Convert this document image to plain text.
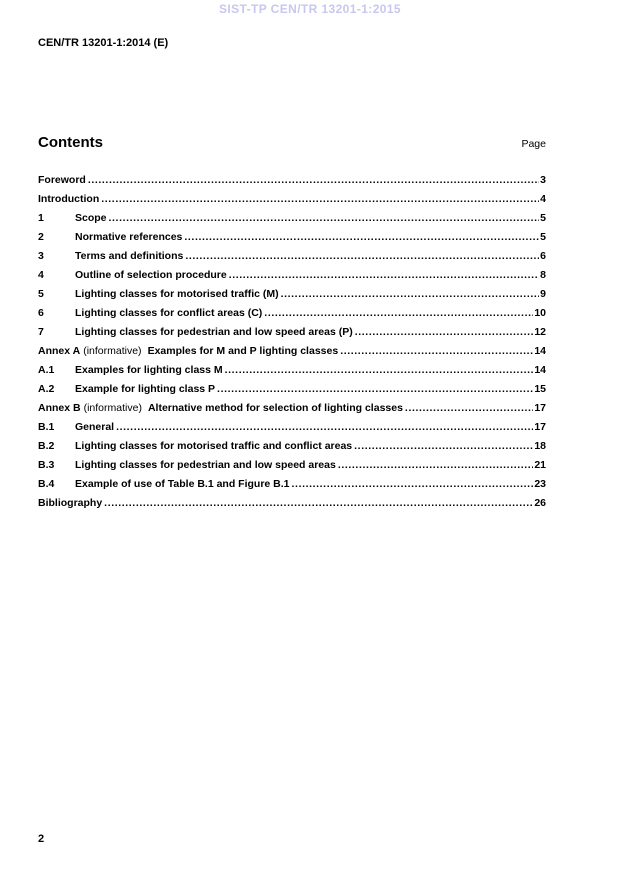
SIST-TP CEN/TR 13201-1:2015
CEN/TR 13201-1:2014 (E)
Contents	Page
Foreword .....	3
Introduction .....	4
1	Scope .....	5
2	Normative references .....	5
3	Terms and definitions .....	6
4	Outline of selection procedure .....	8
5	Lighting classes for motorised traffic (M) .....	9
6	Lighting classes for conflict areas (C) .....	10
7	Lighting classes for pedestrian and low speed areas (P) .....	12
Annex A (informative) Examples for M and P lighting classes .....	14
A.1	Examples for lighting class M .....	14
A.2	Example for lighting class P .....	15
Annex B (informative) Alternative method for selection of lighting classes .....	17
B.1	General .....	17
B.2	Lighting classes for motorised traffic and conflict areas .....	18
B.3	Lighting classes for pedestrian and low speed areas .....	21
B.4	Example of use of Table B.1 and Figure B.1 .....	23
Bibliography .....	26
2
